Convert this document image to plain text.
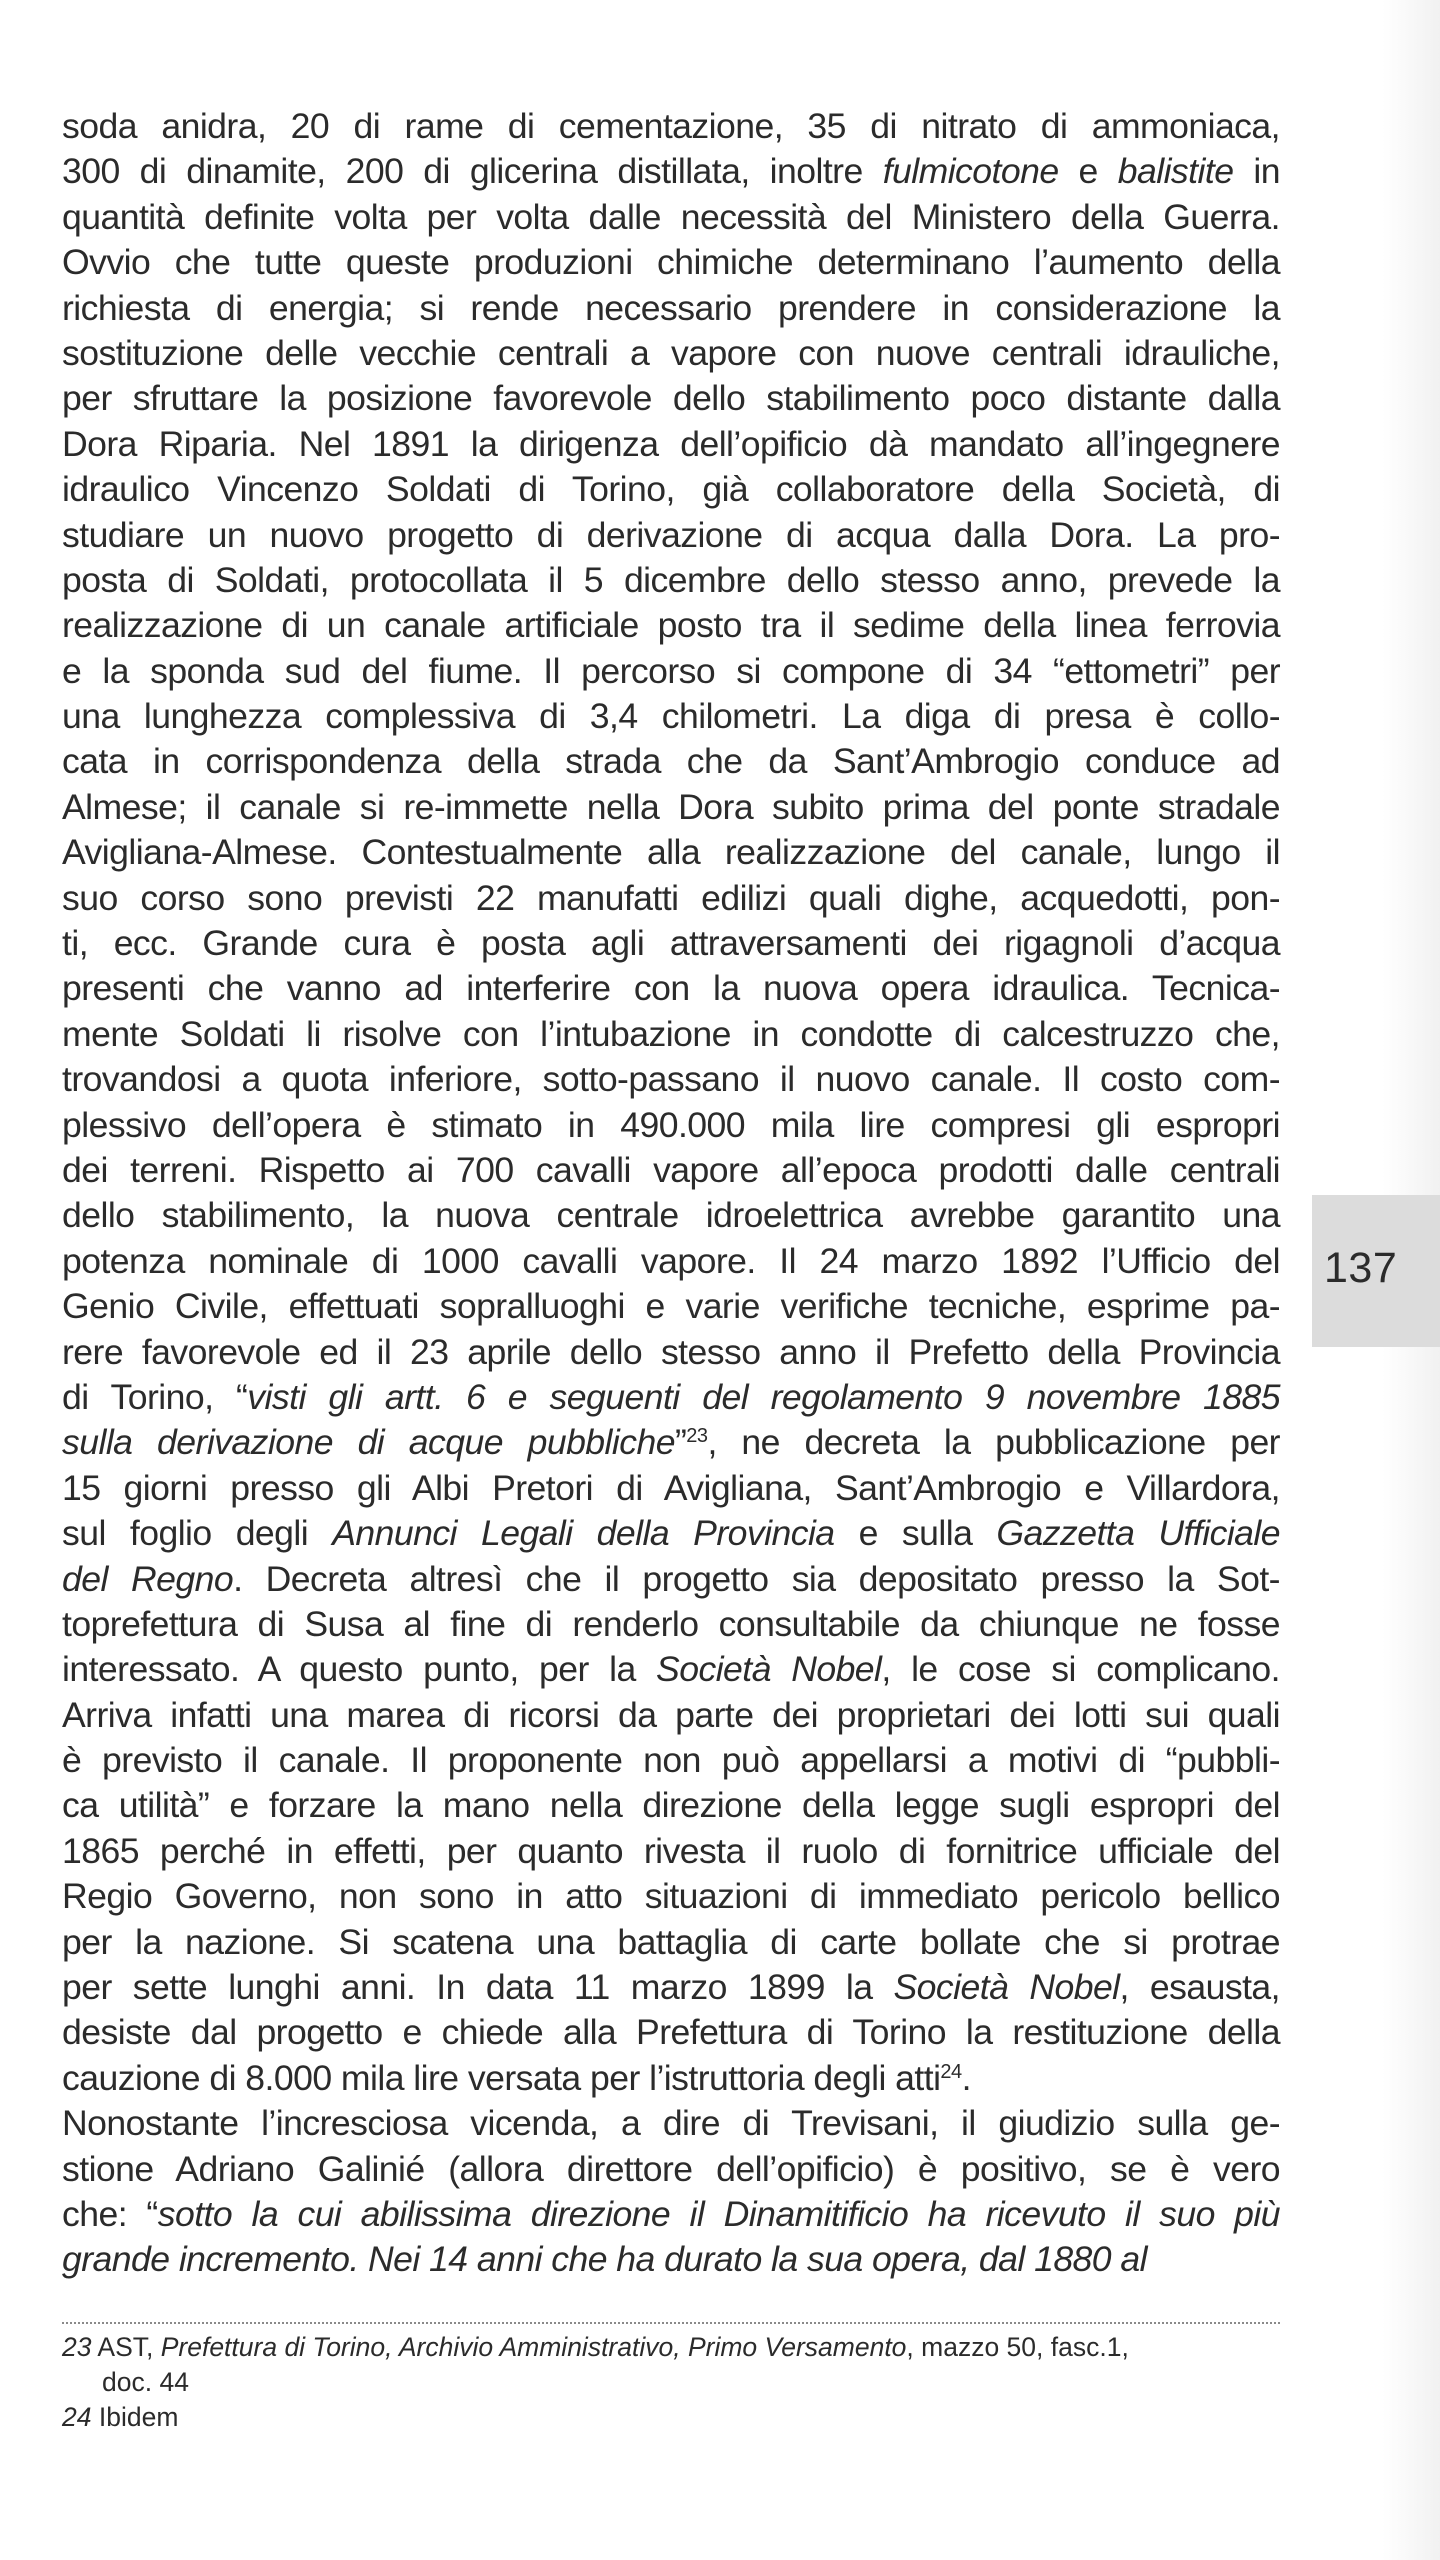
soda anidra, 20 di rame di cementazione, 35 di nitrato di ammoniaca,
300 di dinamite, 200 di glicerina distillata, inoltre fulmicotone e balistite in
quantità definite volta per volta dalle necessità del Ministero della Guerra.
Ovvio che tutte queste produzioni chimiche determinano l’aumento della
richiesta di energia; si rende necessario prendere in considerazione la
sostituzione delle vecchie centrali a vapore con nuove centrali idrauliche,
per sfruttare la posizione favorevole dello stabilimento poco distante dalla
Dora Riparia. Nel 1891 la dirigenza dell’opificio dà mandato all’ingegnere
idraulico Vincenzo Soldati di Torino, già collaboratore della Società, di
studiare un nuovo progetto di derivazione di acqua dalla Dora. La pro-
posta di Soldati, protocollata il 5 dicembre dello stesso anno, prevede la
realizzazione di un canale artificiale posto tra il sedime della linea ferrovia
e la sponda sud del fiume. Il percorso si compone di 34 “ettometri” per
una lunghezza complessiva di 3,4 chilometri. La diga di presa è collo-
cata in corrispondenza della strada che da Sant’Ambrogio conduce ad
Almese; il canale si re-immette nella Dora subito prima del ponte stradale
Avigliana-Almese. Contestualmente alla realizzazione del canale, lungo il
suo corso sono previsti 22 manufatti edilizi quali dighe, acquedotti, pon-
ti, ecc. Grande cura è posta agli attraversamenti dei rigagnoli d’acqua
presenti che vanno ad interferire con la nuova opera idraulica. Tecnica-
mente Soldati li risolve con l’intubazione in condotte di calcestruzzo che,
trovandosi a quota inferiore, sotto-passano il nuovo canale. Il costo com-
plessivo dell’opera è stimato in 490.000 mila lire compresi gli espropri
dei terreni. Rispetto ai 700 cavalli vapore all’epoca prodotti dalle centrali
dello stabilimento, la nuova centrale idroelettrica avrebbe garantito una
potenza nominale di 1000 cavalli vapore. Il 24 marzo 1892 l’Ufficio del
Genio Civile, effettuati sopralluoghi e varie verifiche tecniche, esprime pa-
rere favorevole ed il 23 aprile dello stesso anno il Prefetto della Provincia
di Torino, “visti gli artt. 6 e seguenti del regolamento 9 novembre 1885
sulla derivazione di acque pubbliche”$^{23}$, ne decreta la pubblicazione per
15 giorni presso gli Albi Pretori di Avigliana, Sant’Ambrogio e Villardora,
sul foglio degli Annunci Legali della Provincia e sulla Gazzetta Ufficiale
del Regno. Decreta altresì che il progetto sia depositato presso la Sot-
toprefettura di Susa al fine di renderlo consultabile da chiunque ne fosse
interessato. A questo punto, per la Società Nobel, le cose si complicano.
Arriva infatti una marea di ricorsi da parte dei proprietari dei lotti sui quali
è previsto il canale. Il proponente non può appellarsi a motivi di “pubbli-
ca utilità” e forzare la mano nella direzione della legge sugli espropri del
1865 perché in effetti, per quanto rivesta il ruolo di fornitrice ufficiale del
Regio Governo, non sono in atto situazioni di immediato pericolo bellico
per la nazione. Si scatena una battaglia di carte bollate che si protrae
per sette lunghi anni. In data 11 marzo 1899 la Società Nobel, esausta,
desiste dal progetto e chiede alla Prefettura di Torino la restituzione della
cauzione di 8.000 mila lire versata per l’istruttoria degli atti$^{24}$.
Nonostante l’incresciosa vicenda, a dire di Trevisani, il giudizio sulla ge-
stione Adriano Galinié (allora direttore dell’opificio) è positivo, se è vero
che: “sotto la cui abilissima direzione il Dinamitificio ha ricevuto il suo più
grande incremento. Nei 14 anni che ha durato la sua opera, dal 1880 al
137
23 AST, Prefettura di Torino, Archivio Amministrativo, Primo Versamento, mazzo 50, fasc.1,
doc. 44
24 Ibidem
